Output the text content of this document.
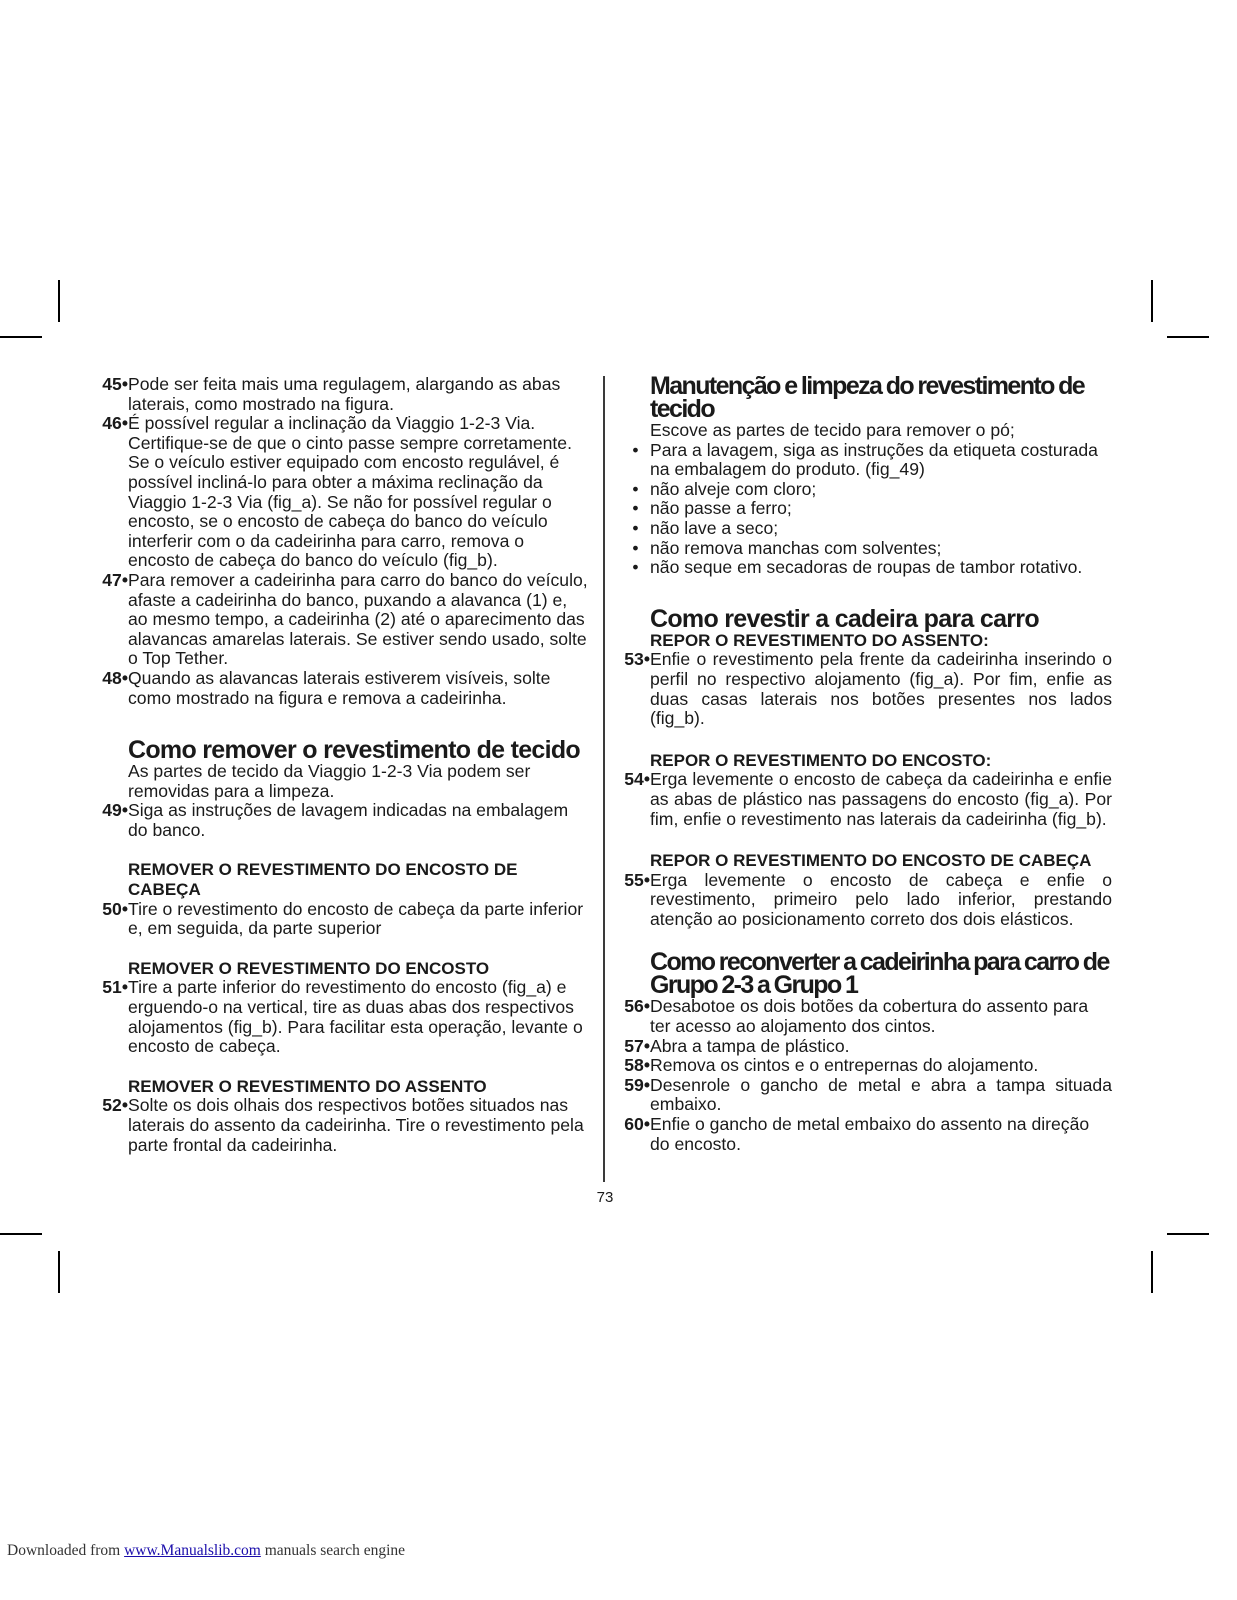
45• Pode ser feita mais uma regulagem, alargando as abas laterais, como mostrado na figura.
46• É possível regular a inclinação da Viaggio 1-2-3 Via. Certifique-se de que o cinto passe sempre corretamente. Se o veículo estiver equipado com encosto regulável, é possível incliná-lo para obter a máxima reclinação da Viaggio 1-2-3 Via (fig_a). Se não for possível regular o encosto, se o encosto de cabeça do banco do veículo interferir com o da cadeirinha para carro, remova o encosto de cabeça do banco do veículo (fig_b).
47• Para remover a cadeirinha para carro do banco do veículo, afaste a cadeirinha do banco, puxando a alavanca (1) e, ao mesmo tempo, a cadeirinha (2) até o aparecimento das alavancas amarelas laterais. Se estiver sendo usado, solte o Top Tether.
48• Quando as alavancas laterais estiverem visíveis, solte como mostrado na figura e remova a cadeirinha.
Como remover o revestimento de tecido
As partes de tecido da Viaggio 1-2-3 Via podem ser removidas para a limpeza.
49• Siga as instruções de lavagem indicadas na embalagem do banco.
REMOVER O REVESTIMENTO DO ENCOSTO DE CABEÇA
50• Tire o revestimento do encosto de cabeça da parte inferior e, em seguida, da parte superior
REMOVER O REVESTIMENTO DO ENCOSTO
51• Tire a parte inferior do revestimento do encosto (fig_a) e erguendo-o na vertical, tire as duas abas dos respectivos alojamentos (fig_b). Para facilitar esta operação, levante o encosto de cabeça.
REMOVER O REVESTIMENTO DO ASSENTO
52• Solte os dois olhais dos respectivos botões situados nas laterais do assento da cadeirinha. Tire o revestimento pela parte frontal da cadeirinha.
Manutenção e limpeza do revestimento de tecido
Escove as partes de tecido para remover o pó;
• Para a lavagem, siga as instruções da etiqueta costurada na embalagem do produto. (fig_49)
• não alveje com cloro;
• não passe a ferro;
• não lave a seco;
• não remova manchas com solventes;
• não seque em secadoras de roupas de tambor rotativo.
Como revestir a cadeira para carro
REPOR O REVESTIMENTO DO ASSENTO:
53• Enfie o revestimento pela frente da cadeirinha inserindo o perfil no respectivo alojamento (fig_a). Por fim, enfie as duas casas laterais nos botões presentes nos lados (fig_b).
REPOR O REVESTIMENTO DO ENCOSTO:
54• Erga levemente o encosto de cabeça da cadeirinha e enfie as abas de plástico nas passagens do encosto (fig_a). Por fim, enfie o revestimento nas laterais da cadeirinha (fig_b).
REPOR O REVESTIMENTO DO ENCOSTO DE CABEÇA
55• Erga levemente o encosto de cabeça e enfie o revestimento, primeiro pelo lado inferior, prestando atenção ao posicionamento correto dos dois elásticos.
Como reconverter a cadeirinha para carro de Grupo 2-3 a Grupo 1
56• Desabotoe os dois botões da cobertura do assento para ter acesso ao alojamento dos cintos.
57• Abra a tampa de plástico.
58• Remova os cintos e o entrepernas do alojamento.
59• Desenrole o gancho de metal e abra a tampa situada embaixo.
60• Enfie o gancho de metal embaixo do assento na direção do encosto.
73
Downloaded from www.Manualslib.com manuals search engine
